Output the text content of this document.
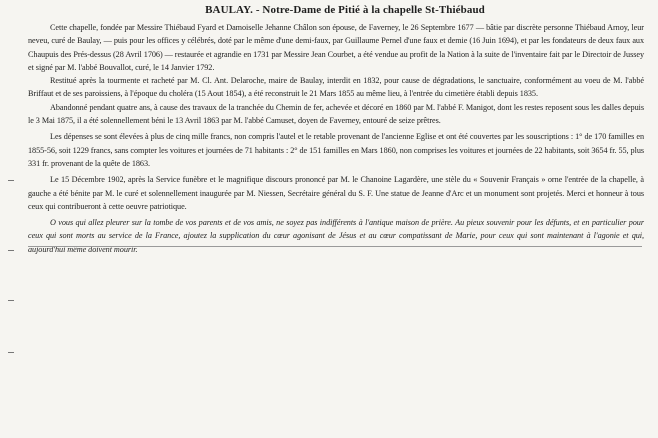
BAULAY. - Notre-Dame de Pitié à la chapelle St-Thiébaud

Cette chapelle, fondée par Messire Thiébaud Fyard et Damoiselle Jehanne Châlon son épouse, de Faverney, le 26 Septembre 1677 — bâtie par discrète personne Thiébaud Arnoy, leur neveu, curé de Baulay, — puis pour les offices y célébrés, doté par le même d'une demi-faux, par Guillaume Pernel d'une faux et demie (16 Juin 1694), et par les fondateurs de deux faux aux Chaupuis des Prés-dessus (28 Avril 1706) — restaurée et agrandie en 1731 par Messire Jean Courbet, a été vendue au profit de la Nation à la suite de l'inventaire fait par le Directoir de Jussey et signé par M. l'abbé Bouvallot, curé, le 14 Janvier 1792.

Restitué après la tourmente et racheté par M. Cl. Ant. Delaroche, maire de Baulay, interdit en 1832, pour cause de dégradations, le sanctuaire, conformément au voeu de M. l'abbé Briffaut et de ses paroissiens, à l'époque du choléra (15 Aout 1854), a été reconstruit le 21 Mars 1855 au même lieu, à l'entrée du cimetière établi depuis 1835.

Abandonné pendant quatre ans, à cause des travaux de la tranchée du Chemin de fer, achevée et décoré en 1860 par M. l'abbé F. Manigot, dont les restes reposent sous les dalles depuis le 3 Mai 1875, il a été solennellement béni le 13 Avril 1863 par M. l'abbé Camuset, doyen de Faverney, entouré de seize prêtres.

Les dépenses se sont élevées à plus de cinq mille francs, non compris l'autel et le retable provenant de l'ancienne Eglise et ont été couvertes par les souscriptions : 1° de 170 familles en 1855-56, soit 1229 francs, sans compter les voitures et journées de 71 habitants : 2° de 151 familles en Mars 1860, non comprises les voitures et journées de 22 habitants, soit 3654 fr. 55, plus 331 fr. provenant de la quête de 1863.

Le 15 Décembre 1902, après la Service funèbre et le magnifique discours prononcé par M. le Chanoine Lagardère, une stèle du « Souvenir Français » orne l'entrée de la chapelle, à gauche a été bénite par M. le curé et solennellement inaugurée par M. Niessen, Secrétaire général du S. F. Une statue de Jeanne d'Arc et un monument sont projetés. Merci et honneur à tous ceux qui contribueront à cette oeuvre patriotique.

O vous qui allez pleurer sur la tombe de vos parents et de vos amis, ne soyez pas indifférents à l'antique maison de prière. Au pieux souvenir pour les défunts, et en particulier pour ceux qui sont morts au service de la France, ajoutez la supplication du cœur agonisant de Jésus et au cœur compatissant de Marie, pour ceux qui sont maintenant à l'agonie et qui, aujourd'hui même doivent mourir.
